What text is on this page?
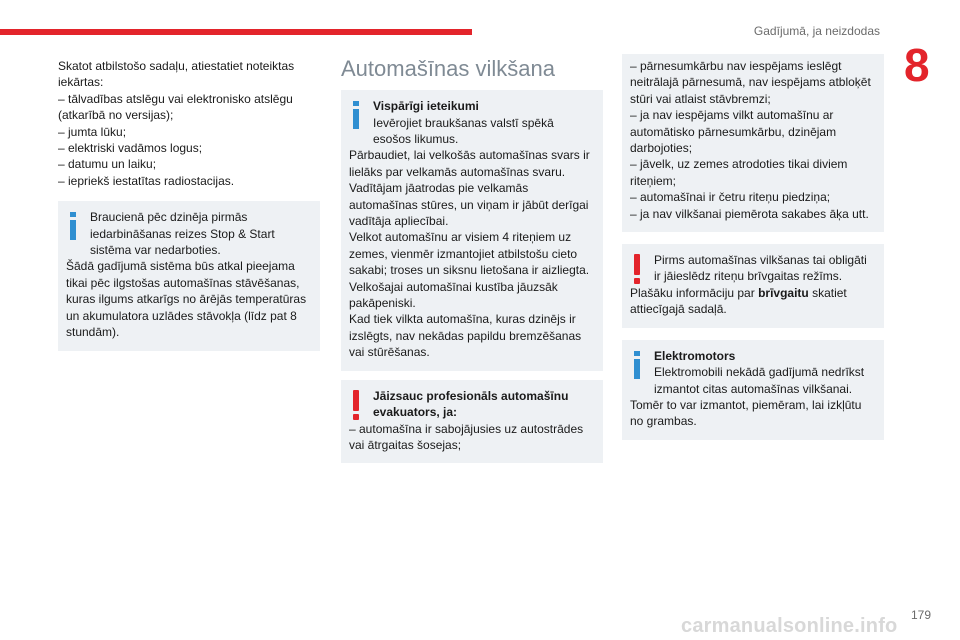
Gadījumā, ja neizdodas
8
Skatot atbilstošo sadaļu, atiestatiet noteiktas iekārtas:
– tālvadības atslēgu vai elektronisko atslēgu (atkarībā no versijas);
– jumta lūku;
– elektriski vadāmos logus;
– datumu un laiku;
– iepriekš iestatītas radiostacijas.
Braucienā pēc dzinēja pirmās iedarbināšanas reizes Stop & Start sistēma var nedarboties.
Šādā gadījumā sistēma būs atkal pieejama tikai pēc ilgstošas automašīnas stāvēšanas, kuras ilgums atkarīgs no ārējās temperatūras un akumulatora uzlādes stāvokļa (līdz pat 8 stundām).
Automašīnas vilkšana
Vispārīgi ieteikumi
Ievērojiet braukšanas valstī spēkā esošos likumus.
Pārbaudiet, lai velkošās automašīnas svars ir lielāks par velkamās automašīnas svaru.
Vadītājam jāatrodas pie velkamās automašīnas stūres, un viņam ir jābūt derīgai vadītāja apliecībai.
Velkot automašīnu ar visiem 4 riteņiem uz zemes, vienmēr izmantojiet atbilstošu cieto sakabi; troses un siksnu lietošana ir aizliegta.
Velkošajai automašīnai kustība jāuzsāk pakāpeniski.
Kad tiek vilkta automašīna, kuras dzinējs ir izslēgts, nav nekādas papildu bremzēšanas vai stūrēšanas.
Jāizsauc profesionāls automašīnu evakuators, ja:
– automašīna ir sabojājusies uz autostrādes vai ātrgaitas šosejas;
– pārnesumkārbu nav iespējams ieslēgt neitrālajā pārnesumā, nav iespējams atbloķēt stūri vai atlaist stāvbremzi;
– ja nav iespējams vilkt automašīnu ar automātisko pārnesumkārbu, dzinējam darbojoties;
– jāvelk, uz zemes atrodoties tikai diviem riteņiem;
– automašīnai ir četru riteņu piedziņa;
– ja nav vilkšanai piemērota sakabes āķa utt.
Pirms automašīnas vilkšanas tai obligāti ir jāieslēdz riteņu brīvgaitas režīms.
Plašāku informāciju par brīvgaitu skatiet attiecīgajā sadaļā.
Elektromotors
Elektromobili nekādā gadījumā nedrīkst izmantot citas automašīnas vilkšanai.
Tomēr to var izmantot, piemēram, lai izkļūtu no grambas.
carmanualsonline.info 179
